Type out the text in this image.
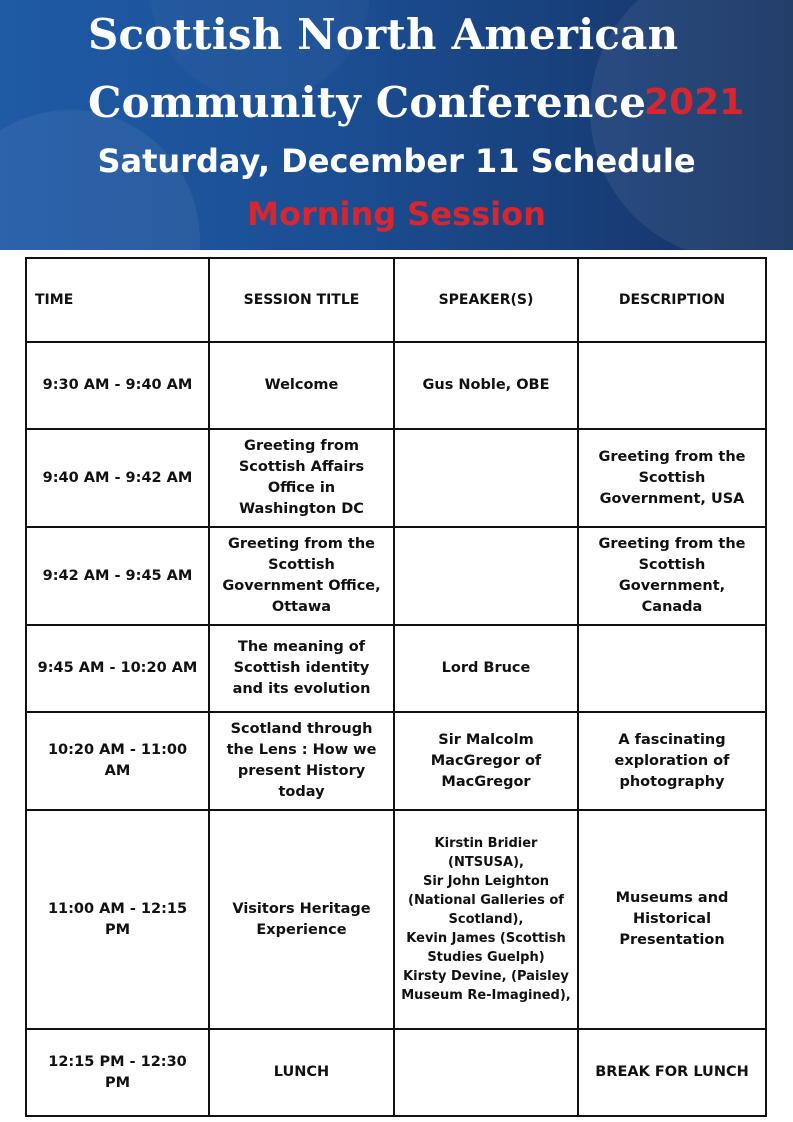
Scottish North American
Community Conference
2021
Saturday, December 11 Schedule
Morning Session
TIME	SESSION TITLE	SPEAKER(S)	DESCRIPTION
9:30 AM - 9:40 AM	Welcome	Gus Noble, OBE	

9:40 AM - 9:42 AM	Greeting from Scottish Affairs Office in Washington DC		Greeting from the Scottish Government, USA
9:42 AM - 9:45 AM	Greeting from the Scottish Government Office, Ottawa		Greeting from the Scottish Government, Canada
9:45 AM - 10:20 AM	The meaning of Scottish identity and its evolution	Lord Bruce	

10:20 AM - 11:00 AM	Scotland through the Lens : How we present History today	Sir Malcolm MacGregor of MacGregor	A fascinating exploration of photography
11:00 AM - 12:15 PM	Visitors Heritage Experience	Kirstin Bridier (NTSUSA),
Sir John Leighton (National Galleries of Scotland),
Kevin James (Scottish Studies Guelph)
Kirsty Devine, (Paisley Museum Re-Imagined),	Museums and Historical Presentation
12:15 PM - 12:30 PM	LUNCH		BREAK FOR LUNCH
